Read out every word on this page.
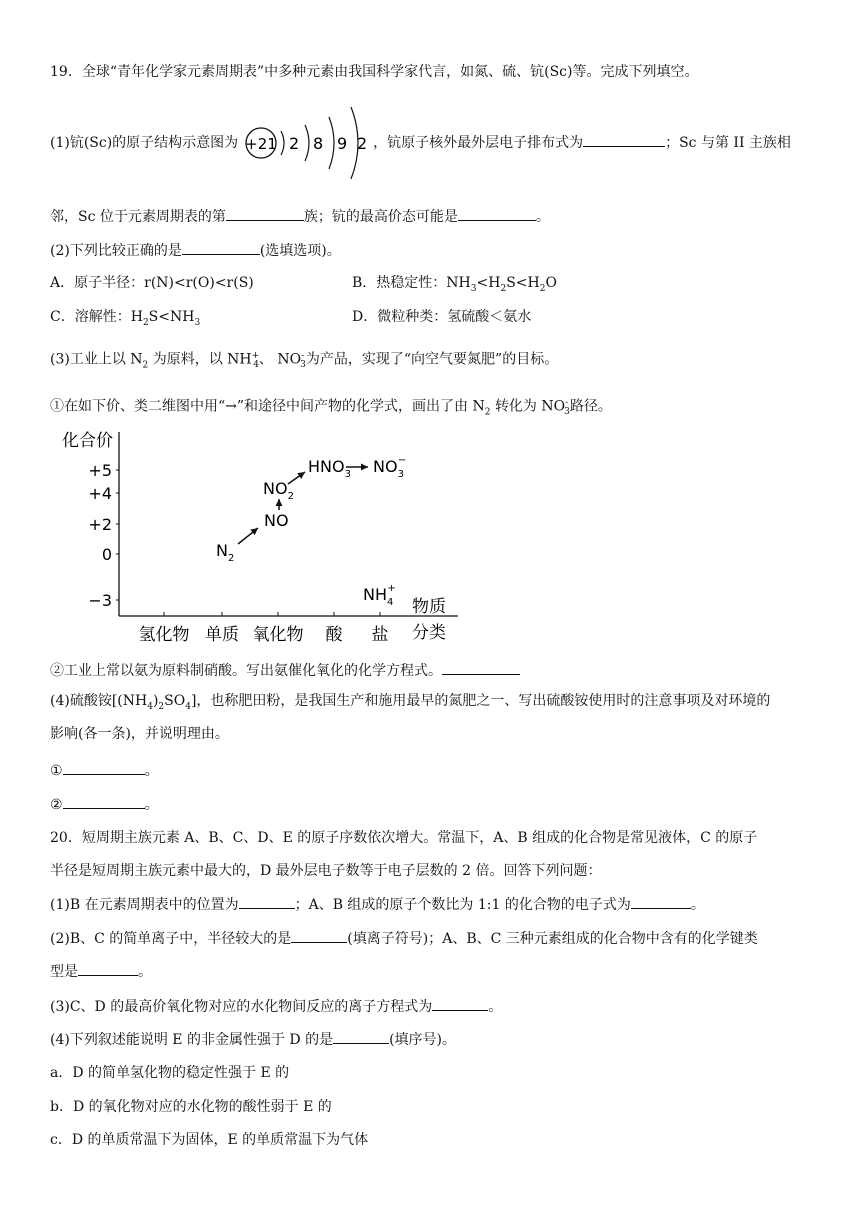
19．全球“青年化学家元素周期表”中多种元素由我国科学家代言，如氮、硫、钪(Sc)等。完成下列填空。
(1)钪(Sc)的原子结构示意图为 +21 2 8 9 2 ，钪原子核外最外层电子排布式为	；Sc 与第 II 主族相
邻，Sc 位于元素周期表的第	族；钪的最高价态可能是	。
(2)下列比较正确的是	(选填选项)。
A．原子半径：r(N)<r(O)<r(S)	B．热稳定性：$NH_3<H_2S<H_2O$
C．溶解性：$H_2S<NH_3$	D．微粒种类：氢硫酸＜氨水
(3)工业上以 $N_2$ 为原料，以 $NH^+_4$、 $NO^-_3$为产品，实现了“向空气要氮肥”的目标。
①在如下价、类二维图中用“→”和途径中间产物的化学式，画出了由 $N_2$ 转化为 $NO^-_3$路径。
化合价
+5
+4
+2
0
−3
氢化物 单质 氧化物 酸 盐
$N_2$
NO
$NO_2$
$HNO_3$ $NO_3-$
$NH_4+$
物质
分类
②工业上常以氨为原料制硝酸。写出氨催化氧化的化学方程式。
(4)硫酸铵$[(NH_4)_2SO_4]$，也称肥田粉，是我国生产和施用最早的氮肥之一、写出硫酸铵使用时的注意事项及对环境的
影响(各一条)，并说明理由。
①	。
②	。
20．短周期主族元素 A、B、C、D、E 的原子序数依次增大。常温下，A、B 组成的化合物是常见液体，C 的原子
半径是短周期主族元素中最大的，D 最外层电子数等于电子层数的 2 倍。回答下列问题：
(1)B 在元素周期表中的位置为	；A、B 组成的原子个数比为 1:1 的化合物的电子式为	。
(2)B、C 的简单离子中，半径较大的是	(填离子符号)；A、B、C 三种元素组成的化合物中含有的化学键类
型是	。
(3)C、D 的最高价氧化物对应的水化物间反应的离子方程式为	。
(4)下列叙述能说明 E 的非金属性强于 D 的是	(填序号)。
a．D 的简单氢化物的稳定性强于 E 的
b．D 的氧化物对应的水化物的酸性弱于 E 的
c．D 的单质常温下为固体，E 的单质常温下为气体
